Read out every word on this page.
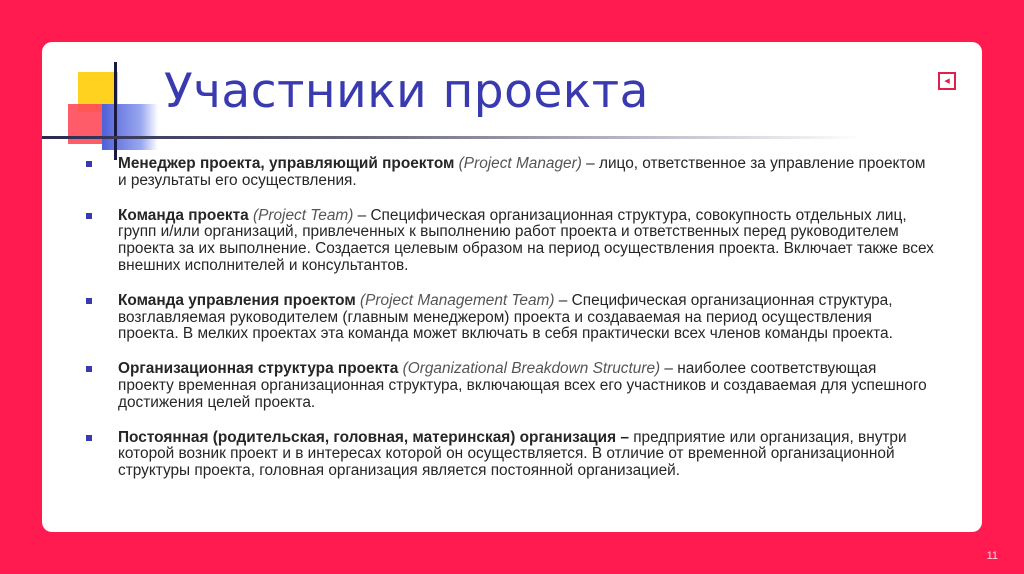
Участники проекта	◂
Менеджер проекта, управляющий проектом (Project Manager) – лицо, ответственное за управление проектом и результаты его осуществления.
Команда проекта (Project Team) – Специфическая организационная структура, совокупность отдельных лиц, групп и/или организаций, привлеченных к выполнению работ проекта и ответственных перед руководителем проекта за их выполнение. Создается целевым образом на период осуществления проекта. Включает также всех внешних исполнителей и консультантов.
Команда управления проектом (Project Management Team) – Специфическая организационная структура, возглавляемая руководителем (главным менеджером) проекта и создаваемая на период осуществления проекта. В мелких проектах эта команда может включать в себя практически всех членов команды проекта.
Организационная структура проекта (Organizational Breakdown Structure) – наиболее соответствующая проекту временная организационная структура, включающая всех его участников и создаваемая для успешного достижения целей проекта.
Постоянная (родительская, головная, материнская) организация – предприятие или организация, внутри которой возник проект и в интересах которой он осуществляется. В отличие от временной организационной структуры проекта, головная организация является постоянной организацией.
11
